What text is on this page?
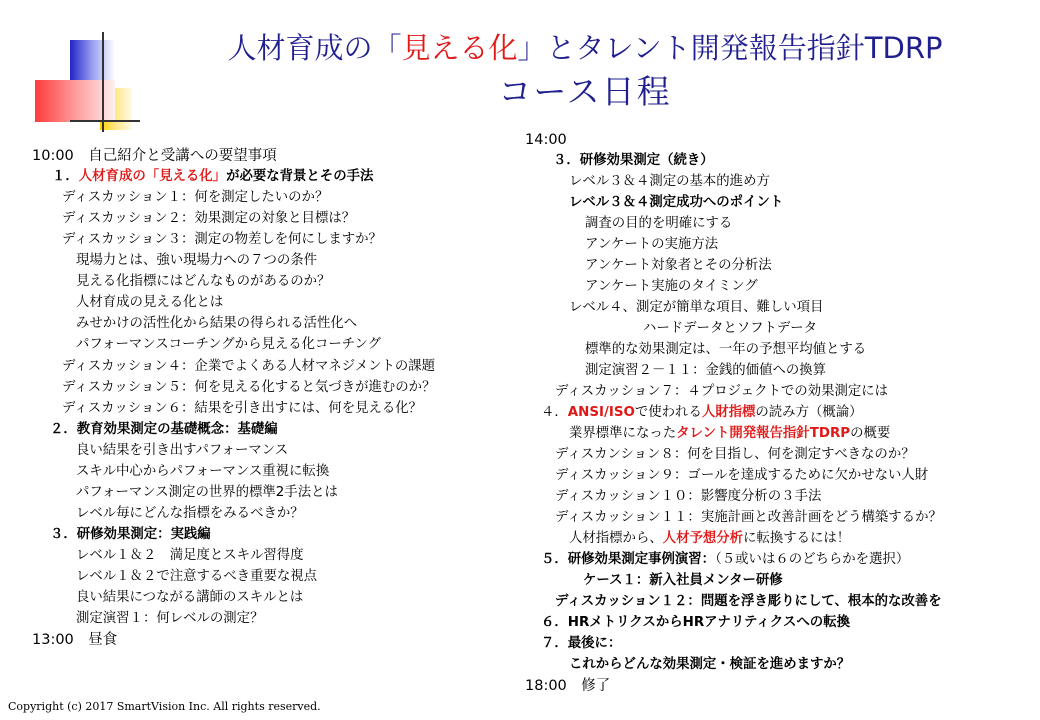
人材育成の「見える化」とタレント開発報告指針TDRP
コース日程
10:00　自己紹介と受講への要望事項
１．人材育成の「見える化」が必要な背景とその手法
ディスカッション１：何を測定したいのか？
ディスカッション２：効果測定の対象と目標は？
ディスカッション３：測定の物差しを何にしますか？
現場力とは、強い現場力への７つの条件
見える化指標にはどんなものがあるのか？
人材育成の見える化とは
みせかけの活性化から結果の得られる活性化へ
パフォーマンスコーチングから見える化コーチング
ディスカッション４：企業でよくある人材マネジメントの課題
ディスカッション５：何を見える化すると気づきが進むのか？
ディスカッション６：結果を引き出すには、何を見える化？
２．教育効果測定の基礎概念：基礎編
良い結果を引き出すパフォーマンス
スキル中心からパフォーマンス重視に転換
パフォーマンス測定の世界的標準2手法とは
レベル毎にどんな指標をみるべきか？
３．研修効果測定：実践編
レベル１＆２　満足度とスキル習得度
レベル１＆２で注意するべき重要な視点
良い結果につながる講師のスキルとは
測定演習１：何レベルの測定？
13:00　昼食
14:00
３．研修効果測定（続き）
レベル３＆４測定の基本的進め方
レベル３＆４測定成功へのポイント
調査の目的を明確にする
アンケートの実施方法
アンケート対象者とその分析法
アンケート実施のタイミング
レベル４、測定が簡単な項目、難しい項目
ハードデータとソフトデータ
標準的な効果測定は、一年の予想平均値とする
測定演習２－１１：金銭的価値への換算
ディスカッション７：４プロジェクトでの効果測定には
４．ANSI/ISOで使われる人財指標の読み方（概論）
業界標準になったタレント開発報告指針TDRPの概要
ディスカンション８：何を目指し、何を測定すべきなのか？
ディスカッション９：ゴールを達成するために欠かせない人財
ディスカッション１０：影響度分析の３手法
ディスカッション１１：実施計画と改善計画をどう構築するか？
人材指標から、人材予想分析に転換するには！
５．研修効果測定事例演習：（５或いは６のどちらかを選択）
ケース１：新入社員メンター研修
ディスカッション１２：問題を浮き彫りにして、根本的な改善を
６．HRメトリクスからHRアナリティクスへの転換
７．最後に：
これからどんな効果測定・検証を進めますか？
18:00　修了
Copyright (c) 2017 SmartVision Inc. All rights reserved.
